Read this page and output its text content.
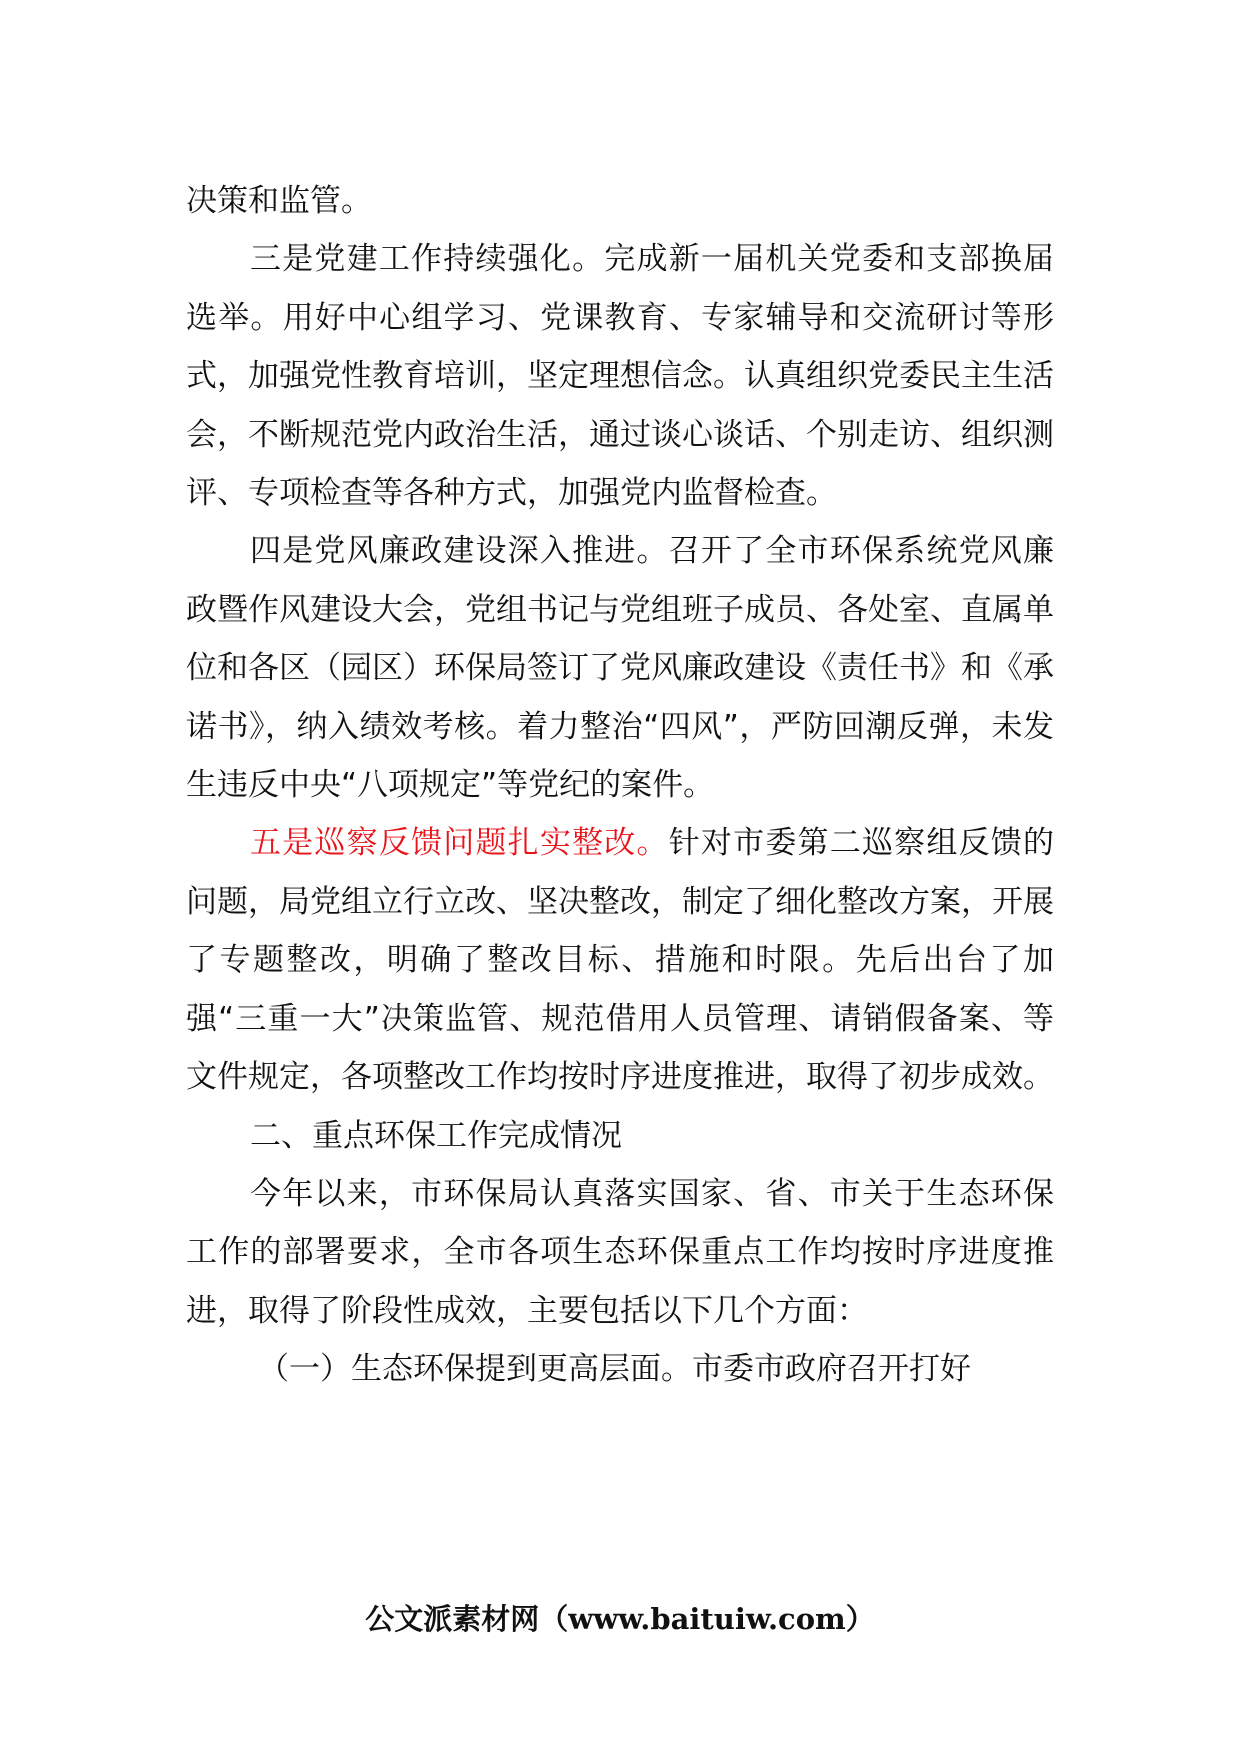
决策和监管。

三是党建工作持续强化。完成新一届机关党委和支部换届选举。用好中心组学习、党课教育、专家辅导和交流研讨等形式，加强党性教育培训，坚定理想信念。认真组织党委民主生活会，不断规范党内政治生活，通过谈心谈话、个别走访、组织测评、专项检查等各种方式，加强党内监督检查。

四是党风廉政建设深入推进。召开了全市环保系统党风廉政暨作风建设大会，党组书记与党组班子成员、各处室、直属单位和各区（园区）环保局签订了党风廉政建设《责任书》和《承诺书》，纳入绩效考核。着力整治“四风”，严防回潮反弹，未发生违反中央“八项规定”等党纪的案件。

五是巡察反馈问题扎实整改。针对市委第二巡察组反馈的问题，局党组立行立改、坚决整改，制定了细化整改方案，开展了专题整改，明确了整改目标、措施和时限。先后出台了加强“三重一大”决策监管、规范借用人员管理、请销假备案、等文件规定，各项整改工作均按时序进度推进，取得了初步成效。

二、重点环保工作完成情况

今年以来，市环保局认真落实国家、省、市关于生态环保工作的部署要求，全市各项生态环保重点工作均按时序进度推进，取得了阶段性成效，主要包括以下几个方面：

（一）生态环保提到更高层面。市委市政府召开打好

公文派素材网（www.baituiw.com）
